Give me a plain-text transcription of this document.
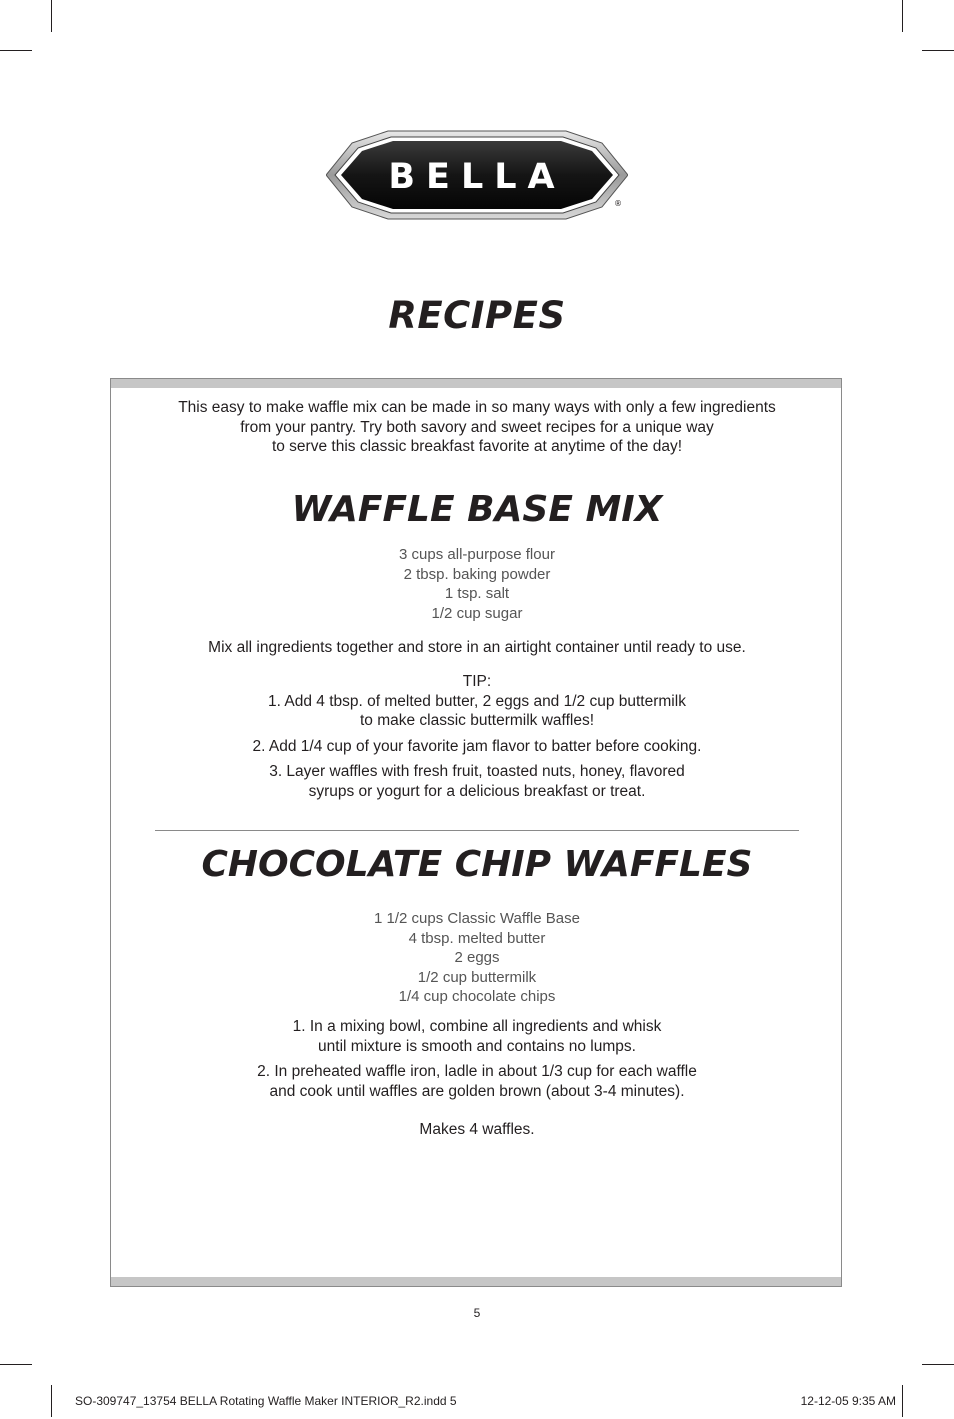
BELLA
®
RECIPES
This easy to make waffle mix can be made in so many ways with only a few ingredients
from your pantry. Try both savory and sweet recipes for a unique way
to serve this classic breakfast favorite at anytime of the day!
WAFFLE BASE MIX
3 cups all-purpose flour
2 tbsp. baking powder
1 tsp. salt
1/2 cup sugar
Mix all ingredients together and store in an airtight container until ready to use.
TIP:
1. Add 4 tbsp. of melted butter, 2 eggs and 1/2 cup buttermilk
to make classic buttermilk waffles!
2. Add 1/4 cup of your favorite jam flavor to batter before cooking.
3. Layer waffles with fresh fruit, toasted nuts, honey, flavored
syrups or yogurt for a delicious breakfast or treat.
CHOCOLATE CHIP WAFFLES
1 1/2 cups Classic Waffle Base
4 tbsp. melted butter
2 eggs
1/2 cup buttermilk
1/4 cup chocolate chips
1. In a mixing bowl, combine all ingredients and whisk
until mixture is smooth and contains no lumps.
2. In preheated waffle iron, ladle in about 1/3 cup for each waffle
and cook until waffles are golden brown (about 3-4 minutes).
Makes 4 waffles.
5
SO-309747_13754 BELLA Rotating Waffle Maker INTERIOR_R2.indd 5	12-12-05 9:35 AM
